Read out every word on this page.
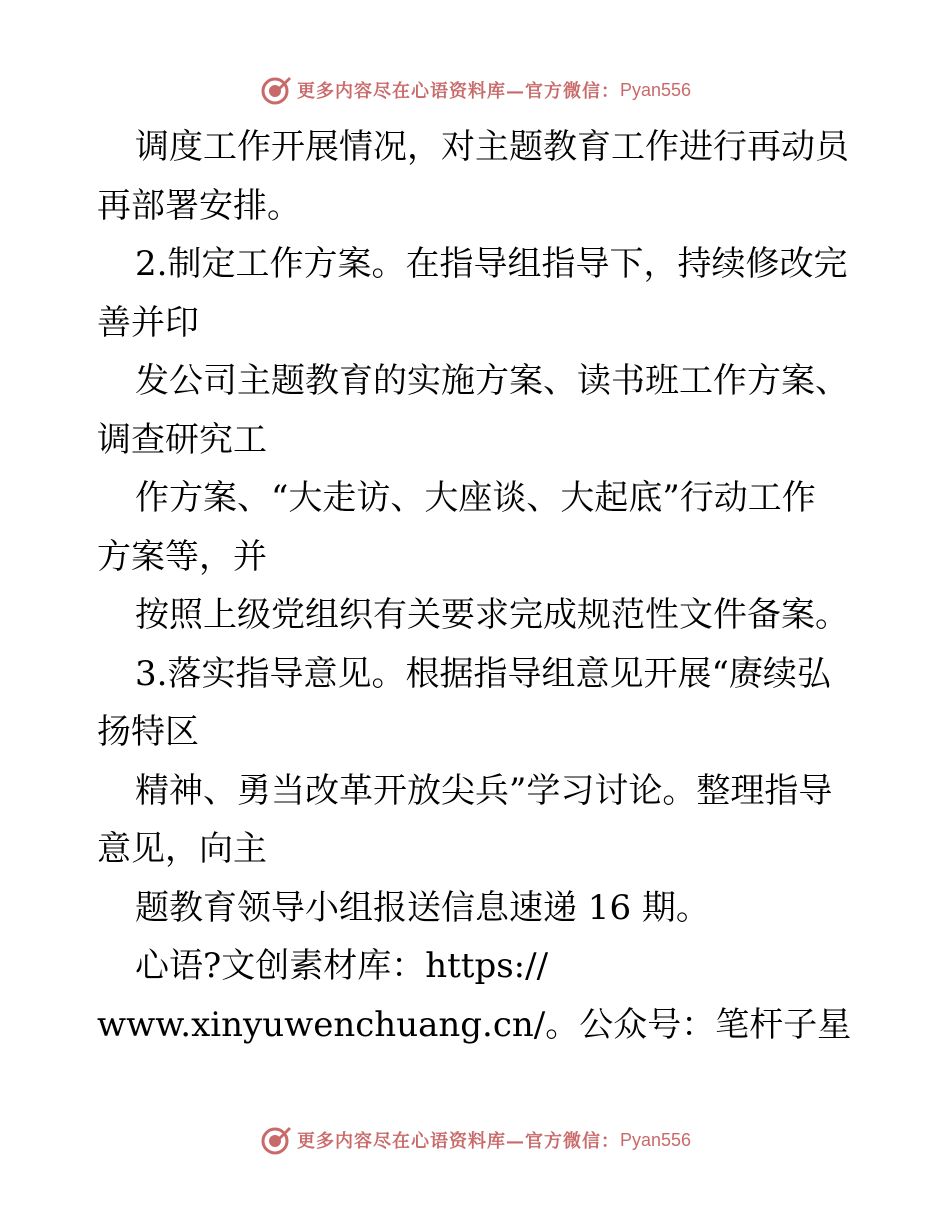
更多内容尽在心语资料库—官方微信： Pyan556
调度工作开展情况，对主题教育工作进行再动员
再部署安排。
2.制定工作方案。在指导组指导下，持续修改完
善并印
发公司主题教育的实施方案、读书班工作方案、
调查研究工
作方案、“大走访、大座谈、大起底”行动工作
方案等，并
按照上级党组织有关要求完成规范性文件备案。
3.落实指导意见。根据指导组意见开展“赓续弘
扬特区
精神、勇当改革开放尖兵”学习讨论。整理指导
意见，向主
题教育领导小组报送信息速递 16 期。
心语?文创素材库：https://
www.xinyuwenchuang.cn/。公众号：笔杆子星
更多内容尽在心语资料库—官方微信： Pyan556
